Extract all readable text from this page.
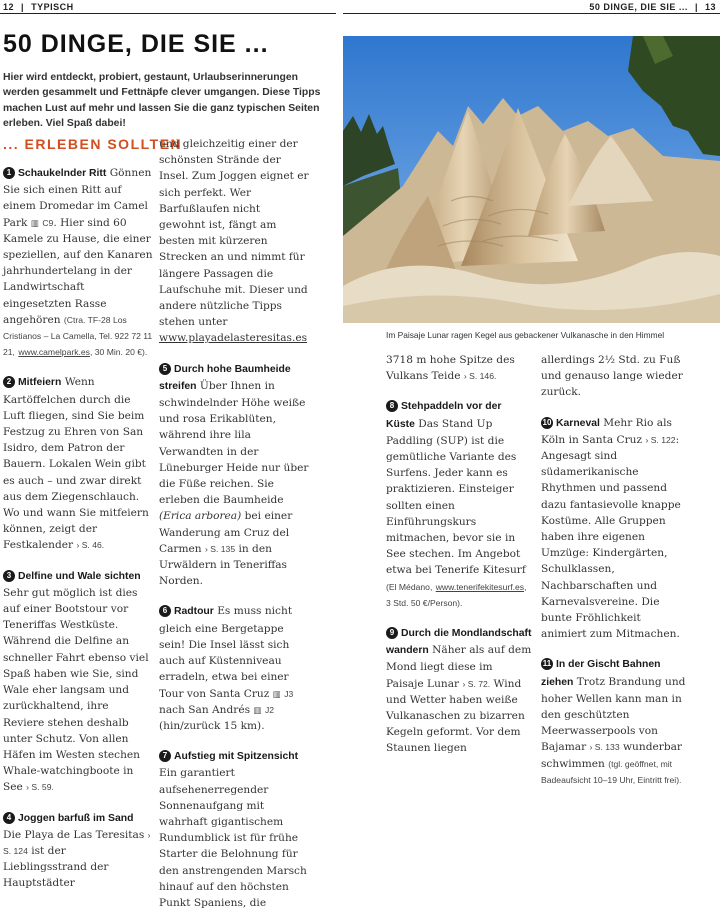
12 | TYPISCH	50 DINGE, DIE SIE ... | 13
50 DINGE, DIE SIE ...
Hier wird entdeckt, probiert, gestaunt, Urlaubserinnerungen werden gesammelt und Fettnäpfe clever umgangen. Diese Tipps machen Lust auf mehr und lassen Sie die ganz typischen Seiten erleben. Viel Spaß dabei!
... ERLEBEN SOLLTEN
Im Paisaje Lunar ragen Kegel aus gebackener Vulkanasche in den Himmel

1 Schaukelnder Ritt Gönnen Sie sich einen Ritt auf einem Dromedar im Camel Park ▥ C9. Hier sind 60 Kamele zu Hause, die einer speziellen, auf den Kanaren jahrhundertelang in der Landwirtschaft eingesetzten Rasse angehören (Ctra. TF-28 Los Cristianos – La Camella, Tel. 922 72 11 21, www.camelpark.es, 30 Min. 20 €).

2 Mitfeiern Wenn Kartöffelchen durch die Luft fliegen, sind Sie beim Festzug zu Ehren von San Isidro, dem Patron der Bauern. Lokalen Wein gibt es auch – und zwar direkt aus dem Ziegenschlauch. Wo und wann Sie mitfeiern können, zeigt der Festkalender › S. 46.

3 Delfine und Wale sichten Sehr gut möglich ist dies auf einer Bootstour vor Teneriffas Westküste. Während die Delfine an schneller Fahrt ebenso viel Spaß haben wie Sie, sind Wale eher langsam und zurückhaltend, ihre Reviere stehen deshalb unter Schutz. Von allen Häfen im Westen stechen Whale-watchingboote in See › S. 59.

4 Joggen barfuß im Sand Die Playa de Las Teresitas › S. 124 ist der Lieblingsstrand der Hauptstädter

und gleichzeitig einer der schönsten Strände der Insel. Zum Joggen eignet er sich perfekt. Wer Barfußlaufen nicht gewohnt ist, fängt am besten mit kürzeren Strecken an und nimmt für längere Passagen die Laufschuhe mit. Dieser und andere nützliche Tipps stehen unter www.playadelasteresitas.es

5 Durch hohe Baumheide streifen Über Ihnen in schwindelnder Höhe weiße und rosa Erikablüten, während ihre lila Verwandten in der Lüneburger Heide nur über die Füße reichen. Sie erleben die Baumheide (Erica arborea) bei einer Wanderung am Cruz del Carmen › S. 135 in den Urwäldern in Teneriffas Norden.

6 Radtour Es muss nicht gleich eine Bergetappe sein! Die Insel lässt sich auch auf Küstenniveau erradeln, etwa bei einer Tour von Santa Cruz ▥ J3 nach San Andrés ▥ J2 (hin/zurück 15 km).

7 Aufstieg mit Spitzensicht Ein garantiert aufsehenerregender Sonnenaufgang mit wahrhaft gigantischem Rundumblick ist für frühe Starter die Belohnung für den anstrengenden Marsch hinauf auf den höchsten Punkt Spaniens, die

3718 m hohe Spitze des Vulkans Teide › S. 146.

8 Stehpaddeln vor der Küste Das Stand Up Paddling (SUP) ist die gemütliche Variante des Surfens. Jeder kann es praktizieren. Einsteiger sollten einen Einführungskurs mitmachen, bevor sie in See stechen. Im Angebot etwa bei Tenerife Kitesurf (El Médano, www.tenerifekitesurf.es, 3 Std. 50 €/Person).

9 Durch die Mondlandschaft wandern Näher als auf dem Mond liegt diese im Paisaje Lunar › S. 72. Wind und Wetter haben weiße Vulkanaschen zu bizarren Kegeln geformt. Vor dem Staunen liegen

allerdings 2½ Std. zu Fuß und genauso lange wieder zurück.

10 Karneval Mehr Rio als Köln in Santa Cruz › S. 122: Angesagt sind südamerikanische Rhythmen und passend dazu fantasievolle knappe Kostüme. Alle Gruppen haben ihre eigenen Umzüge: Kindergärten, Schulklassen, Nachbarschaften und Karnevalsvereine. Die bunte Fröhlichkeit animiert zum Mitmachen.

11 In der Gischt Bahnen ziehen Trotz Brandung und hoher Wellen kann man in den geschützten Meerwasserpools von Bajamar › S. 133 wunderbar schwimmen (tgl. geöffnet, mit Badeaufsicht 10–19 Uhr, Eintritt frei).
